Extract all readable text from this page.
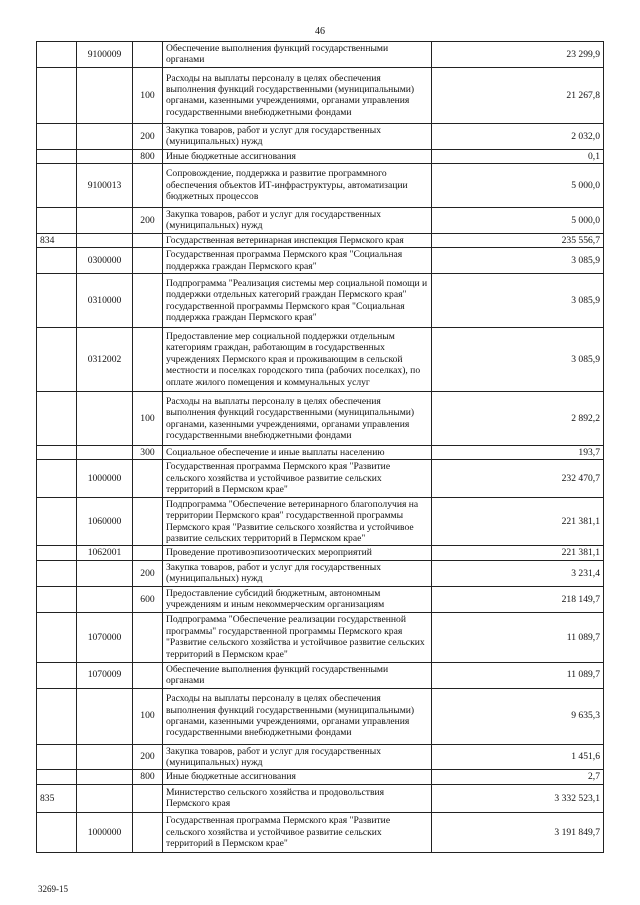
46
	9100009		Обеспечение выполнения функций государственными органами	23 299,9
		100	Расходы на выплаты персоналу в целях обеспечения выполнения функций государственными (муниципальными) органами, казенными учреждениями, органами управления государственными внебюджетными фондами	21 267,8
		200	Закупка товаров, работ и услуг для государственных (муниципальных) нужд	2 032,0
		800	Иные бюджетные ассигнования	0,1
	9100013		Сопровождение, поддержка и развитие программного обеспечения объектов ИТ-инфраструктуры, автоматизации бюджетных процессов	5 000,0
		200	Закупка товаров, работ и услуг для государственных (муниципальных) нужд	5 000,0
834			Государственная ветеринарная инспекция Пермского края	235 556,7
	0300000		Государственная программа Пермского края "Социальная поддержка граждан Пермского края"	3 085,9
	0310000		Подпрограмма "Реализация системы мер социальной помощи и поддержки отдельных категорий граждан Пермского края" государственной программы Пермского края "Социальная поддержка граждан Пермского края"	3 085,9
	0312002		Предоставление мер социальной поддержки отдельным категориям граждан, работающим в государственных учреждениях Пермского края и проживающим в сельской местности и поселках городского типа (рабочих поселках), по оплате жилого помещения и коммунальных услуг	3 085,9
		100	Расходы на выплаты персоналу в целях обеспечения выполнения функций государственными (муниципальными) органами, казенными учреждениями, органами управления государственными внебюджетными фондами	2 892,2
		300	Социальное обеспечение и иные выплаты населению	193,7
	1000000		Государственная программа Пермского края "Развитие сельского хозяйства и устойчивое развитие сельских территорий в Пермском крае"	232 470,7
	1060000		Подпрограмма "Обеспечение ветеринарного благополучия на территории Пермского края" государственной программы Пермского края "Развитие сельского хозяйства и устойчивое развитие сельских территорий в Пермском крае"	221 381,1
	1062001		Проведение противоэпизоотических мероприятий	221 381,1
		200	Закупка товаров, работ и услуг для государственных (муниципальных) нужд	3 231,4
		600	Предоставление субсидий бюджетным, автономным учреждениям и иным некоммерческим организациям	218 149,7
	1070000		Подпрограмма "Обеспечение реализации государственной программы" государственной программы Пермского края "Развитие сельского хозяйства и устойчивое развитие сельских территорий в Пермском крае"	11 089,7
	1070009		Обеспечение выполнения функций государственными органами	11 089,7
		100	Расходы на выплаты персоналу в целях обеспечения выполнения функций государственными (муниципальными) органами, казенными учреждениями, органами управления государственными внебюджетными фондами	9 635,3
		200	Закупка товаров, работ и услуг для государственных (муниципальных) нужд	1 451,6
		800	Иные бюджетные ассигнования	2,7
835			Министерство сельского хозяйства и продовольствия Пермского края	3 332 523,1
	1000000		Государственная программа Пермского края "Развитие сельского хозяйства и устойчивое развитие сельских территорий в Пермском крае"	3 191 849,7
3269-15
